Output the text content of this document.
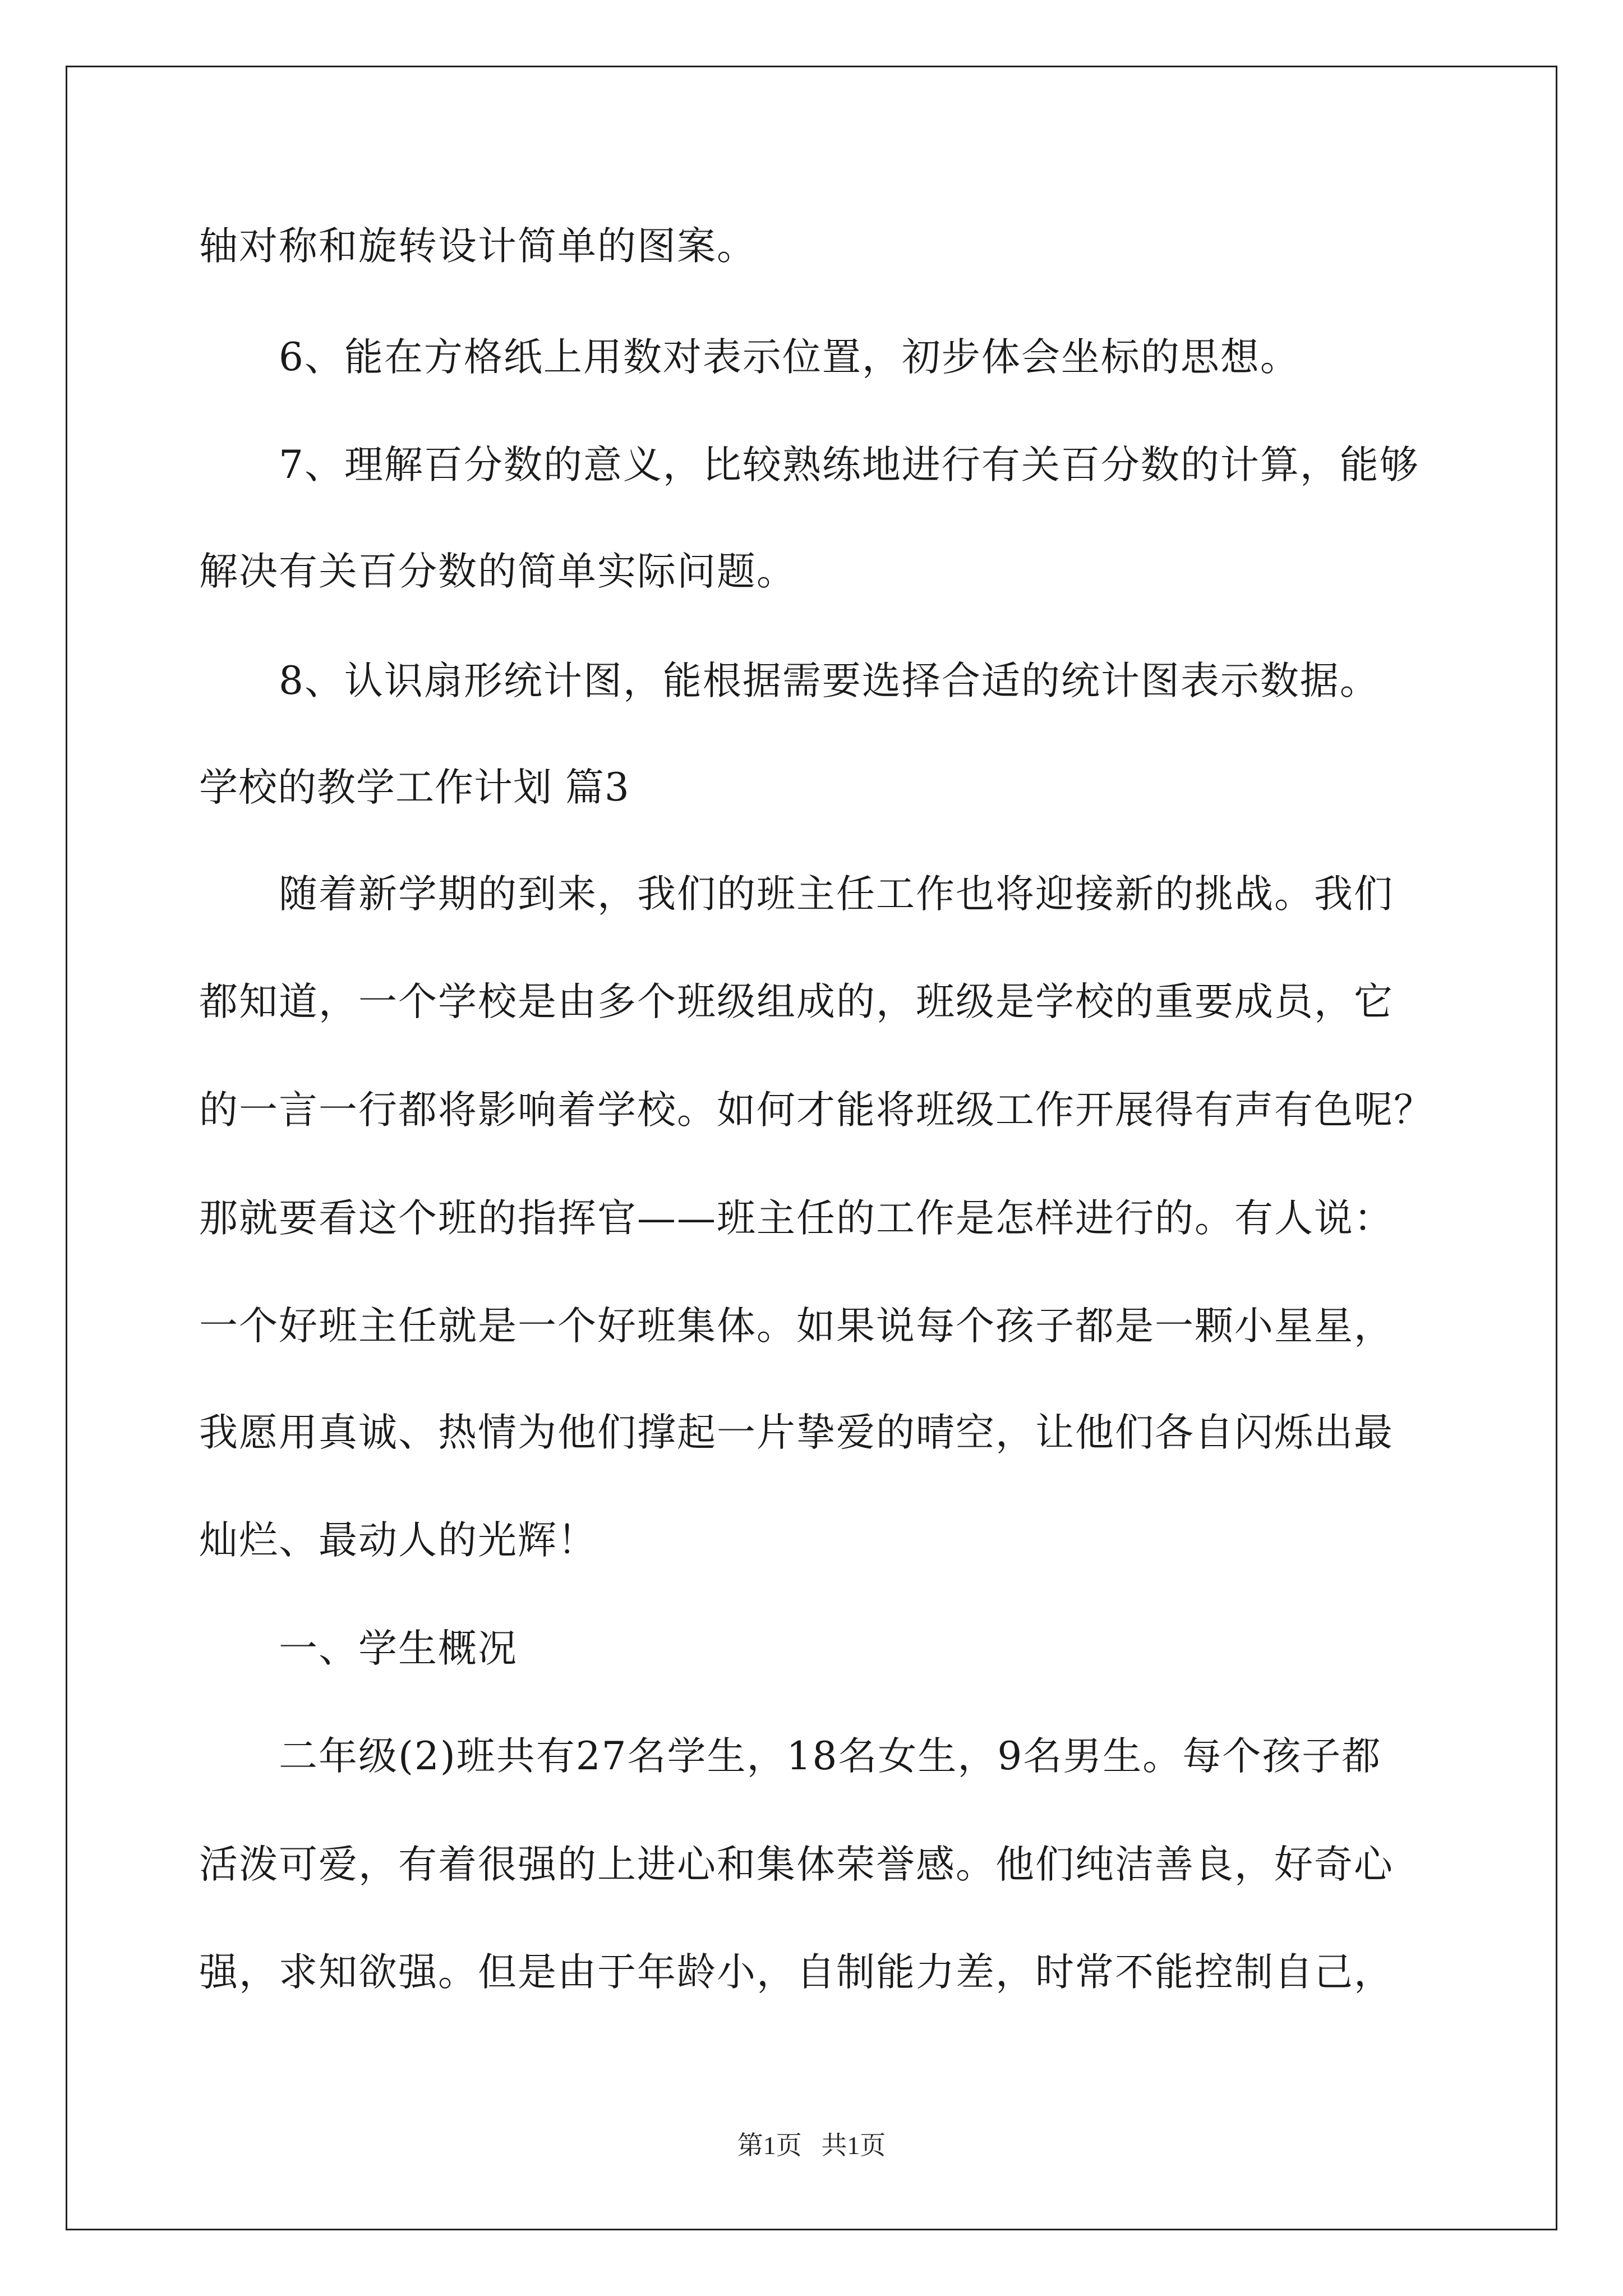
轴对称和旋转设计简单的图案。
6、能在方格纸上用数对表示位置，初步体会坐标的思想。
7、理解百分数的意义，比较熟练地进行有关百分数的计算，能够
解决有关百分数的简单实际问题。
8、认识扇形统计图，能根据需要选择合适的统计图表示数据。
学校的教学工作计划 篇3
随着新学期的到来，我们的班主任工作也将迎接新的挑战。我们
都知道，一个学校是由多个班级组成的，班级是学校的重要成员，它
的一言一行都将影响着学校。如何才能将班级工作开展得有声有色呢？
那就要看这个班的指挥官——班主任的工作是怎样进行的。有人说：
一个好班主任就是一个好班集体。如果说每个孩子都是一颗小星星，
我愿用真诚、热情为他们撑起一片挚爱的晴空，让他们各自闪烁出最
灿烂、最动人的光辉！
一、学生概况
二年级(2)班共有27名学生，18名女生，9名男生。每个孩子都
活泼可爱，有着很强的上进心和集体荣誉感。他们纯洁善良，好奇心
强，求知欲强。但是由于年龄小，自制能力差，时常不能控制自己，
第1页   共1页
